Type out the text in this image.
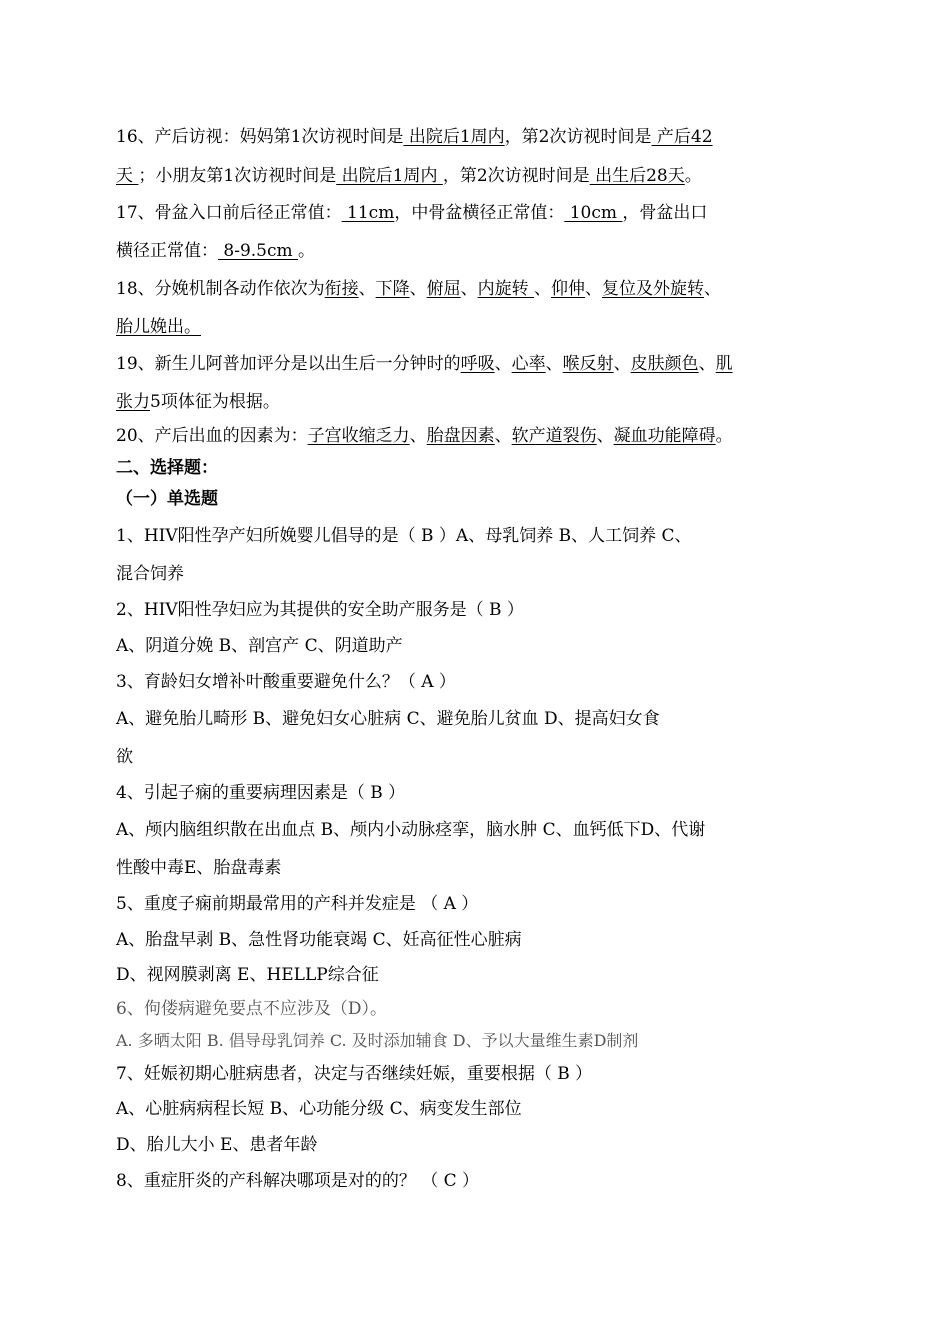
16、产后访视：妈妈第1次访视时间是 出院后1周内，第2次访视时间是 产后42
天 ；小朋友第1次访视时间是 出院后1周内 ，第2次访视时间是 出生后28天。
17、骨盆入口前后径正常值： 11cm，中骨盆横径正常值： 10cm ，骨盆出口
横径正常值： 8-9.5cm 。
18、分娩机制各动作依次为衔接、下降、俯屈、内旋转 、仰伸、复位及外旋转、
胎儿娩出。
19、新生儿阿普加评分是以出生后一分钟时的呼吸、心率、喉反射、皮肤颜色、肌
张力5项体征为根据。
20、产后出血的因素为：子宫收缩乏力、胎盘因素、软产道裂伤、凝血功能障碍。
二、选择题：
（一）单选题
1、HIV阳性孕产妇所娩婴儿倡导的是（ B ）A、母乳饲养 B、人工饲养 C、
混合饲养
2、HIV阳性孕妇应为其提供的安全助产服务是（ B ）
A、阴道分娩 B、剖宫产 C、阴道助产
3、育龄妇女增补叶酸重要避免什么？（ A ）
A、避免胎儿畸形 B、避免妇女心脏病 C、避免胎儿贫血 D、提高妇女食
欲
4、引起子痫的重要病理因素是（ B ）
A、颅内脑组织散在出血点 B、颅内小动脉痉挛，脑水肿 C、血钙低下D、代谢
性酸中毒E、胎盘毒素
5、重度子痫前期最常用的产科并发症是 （ A ）
A、胎盘早剥 B、急性肾功能衰竭 C、妊高征性心脏病
D、视网膜剥离 E、HELLP综合征
6、佝偻病避免要点不应涉及（D）。
A. 多晒太阳 B. 倡导母乳饲养 C. 及时添加辅食 D、予以大量维生素D制剂
7、妊娠初期心脏病患者，决定与否继续妊娠，重要根据（ B ）
A、心脏病病程长短 B、心功能分级 C、病变发生部位
D、胎儿大小 E、患者年龄
8、重症肝炎的产科解决哪项是对的的？ （ C ）
